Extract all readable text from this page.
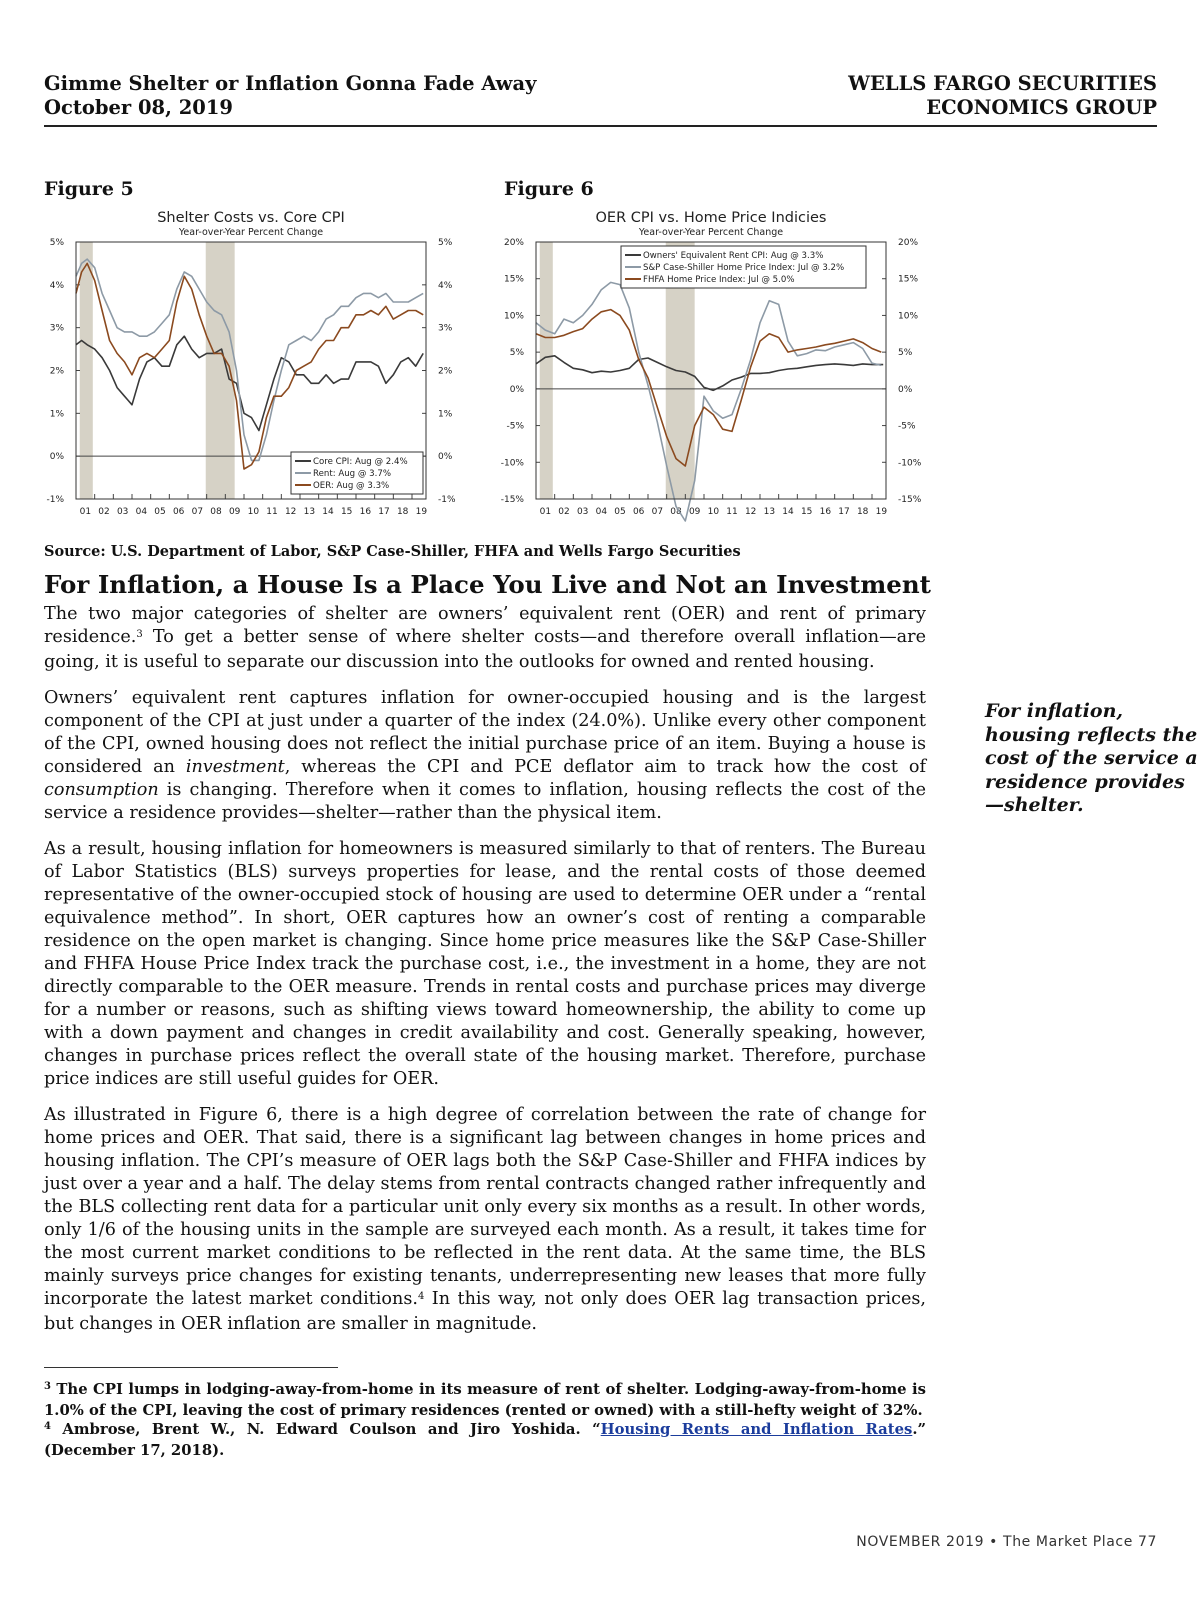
Gimme Shelter or Inflation Gonna Fade Away
October 08, 2019
WELLS FARGO SECURITIES
ECONOMICS GROUP
Figure 5	Figure 6
Shelter Costs vs. Core CPI
Year-over-Year Percent Change
5%	5%
4%	4%
3%	3%
2%	2%
1%	1%
0%	0%
-1%	-1%
01 02 03 04 05 06 07 08 09 10 11 12 13 14 15 16 17 18 19
Core CPI: Aug @ 2.4%
Rent: Aug @ 3.7%
OER: Aug @ 3.3%
OER CPI vs. Home Price Indicies
Year-over-Year Percent Change
20%	20%
15%	15%
10%	10%
5%	5%
0%	0%
-5%	-5%
-10%	-10%
-15%	-15%
01 02 03 04 05 06 07 08 09 10 11 12 13 14 15 16 17 18 19
Owners' Equivalent Rent CPI: Aug @ 3.3%
S&P Case-Shiller Home Price Index: Jul @ 3.2%
FHFA Home Price Index: Jul @ 5.0%
Source: U.S. Department of Labor, S&P Case-Shiller, FHFA and Wells Fargo Securities
For Inflation, a House Is a Place You Live and Not an Investment

The two major categories of shelter are owners’ equivalent rent (OER) and rent of primary residence.$^3$ To get a better sense of where shelter costs—and therefore overall inflation—are going, it is useful to separate our discussion into the outlooks for owned and rented housing.

Owners’ equivalent rent captures inflation for owner-occupied housing and is the largest component of the CPI at just under a quarter of the index (24.0%). Unlike every other component of the CPI, owned housing does not reflect the initial purchase price of an item. Buying a house is considered an investment, whereas the CPI and PCE deflator aim to track how the cost of consumption is changing. Therefore when it comes to inflation, housing reflects the cost of the service a residence provides—shelter—rather than the physical item.

As a result, housing inflation for homeowners is measured similarly to that of renters. The Bureau of Labor Statistics (BLS) surveys properties for lease, and the rental costs of those deemed representative of the owner-occupied stock of housing are used to determine OER under a “rental equivalence method”. In short, OER captures how an owner’s cost of renting a comparable residence on the open market is changing. Since home price measures like the S&P Case-Shiller and FHFA House Price Index track the purchase cost, i.e., the investment in a home, they are not directly comparable to the OER measure. Trends in rental costs and purchase prices may diverge for a number or reasons, such as shifting views toward homeownership, the ability to come up with a down payment and changes in credit availability and cost. Generally speaking, however, changes in purchase prices reflect the overall state of the housing market. Therefore, purchase price indices are still useful guides for OER.

As illustrated in Figure 6, there is a high degree of correlation between the rate of change for home prices and OER. That said, there is a significant lag between changes in home prices and housing inflation. The CPI’s measure of OER lags both the S&P Case-Shiller and FHFA indices by just over a year and a half. The delay stems from rental contracts changed rather infrequently and the BLS collecting rent data for a particular unit only every six months as a result. In other words, only 1/6 of the housing units in the sample are surveyed each month. As a result, it takes time for the most current market conditions to be reflected in the rent data. At the same time, the BLS mainly surveys price changes for existing tenants, underrepresenting new leases that more fully incorporate the latest market conditions.$^4$ In this way, not only does OER lag transaction prices, but changes in OER inflation are smaller in magnitude.

For inflation, housing reflects the cost of the service a residence provides—shelter.
$^3$ The CPI lumps in lodging-away-from-home in its measure of rent of shelter. Lodging-away-from-home is 1.0% of the CPI, leaving the cost of primary residences (rented or owned) with a still-hefty weight of 32%.
$^4$ Ambrose, Brent W., N. Edward Coulson and Jiro Yoshida. “Housing Rents and Inflation Rates.” (December 17, 2018).
NOVEMBER 2019 • The Market Place 77
